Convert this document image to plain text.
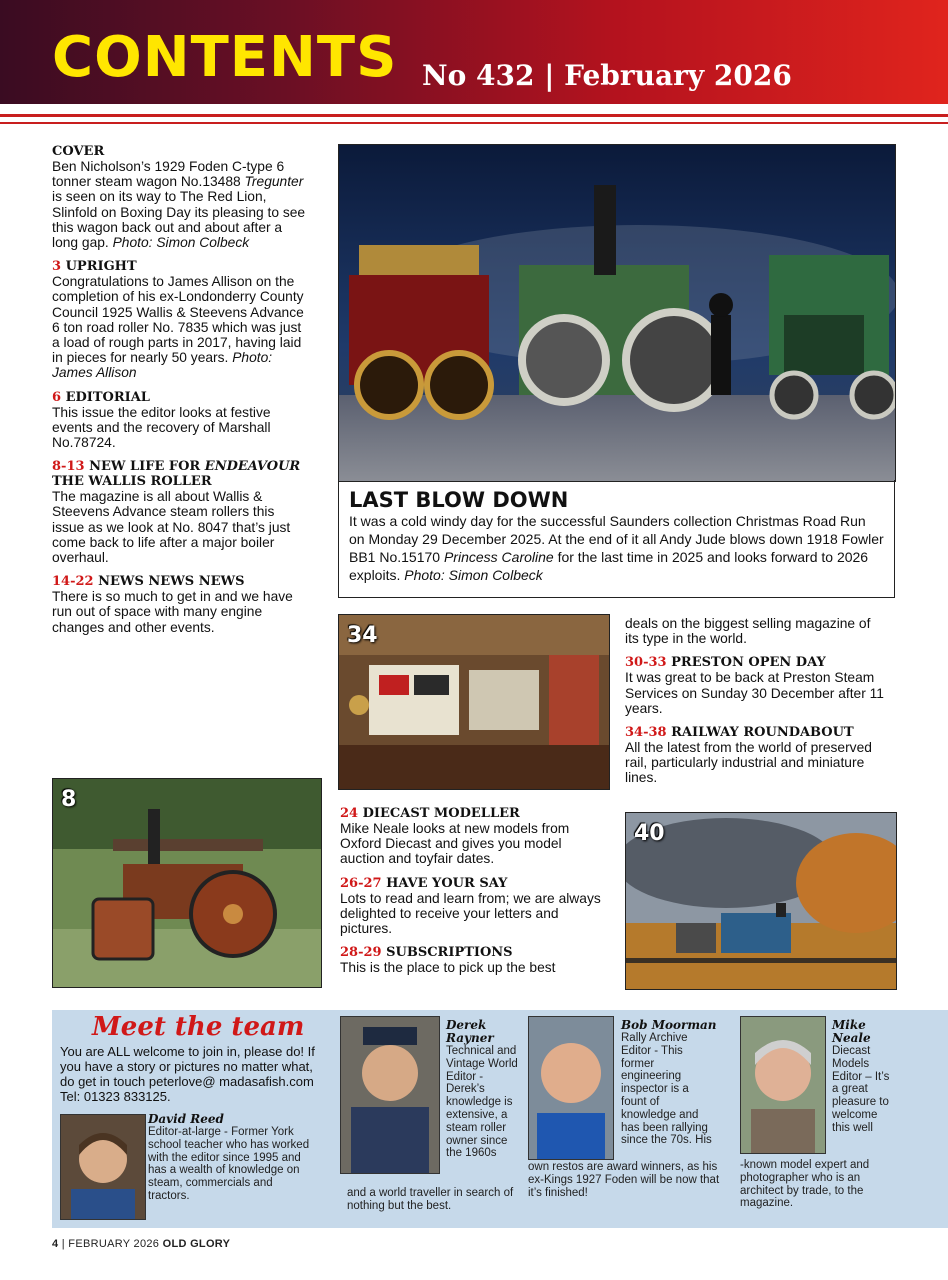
CONTENTS No 432 | February 2026
COVER
Ben Nicholson’s 1929 Foden C-type 6 tonner steam wagon No.13488 Tregunter is seen on its way to The Red Lion, Slinfold on Boxing Day its pleasing to see this wagon back out and about after a long gap. Photo: Simon Colbeck
3 UPRIGHT
Congratulations to James Allison on the completion of his ex-Londonderry County Council 1925 Wallis & Steevens Advance 6 ton road roller No. 7835 which was just a load of rough parts in 2017, having laid in pieces for nearly 50 years. Photo: James Allison
6 EDITORIAL
This issue the editor looks at festive events and the recovery of Marshall No.78724.
8-13 NEW LIFE FOR ENDEAVOUR THE WALLIS ROLLER
The magazine is all about Wallis & Steevens Advance steam rollers this issue as we look at No. 8047 that’s just come back to life after a major boiler overhaul.
14-22 NEWS NEWS NEWS
There is so much to get in and we have run out of space with many engine changes and other events.
LAST BLOW DOWN
It was a cold windy day for the successful Saunders collection Christmas Road Run on Monday 29 December 2025. At the end of it all Andy Jude blows down 1918 Fowler BB1 No.15170 Princess Caroline for the last time in 2025 and looks forward to 2026 exploits. Photo: Simon Colbeck
34
24 DIECAST MODELLER
Mike Neale looks at new models from Oxford Diecast and gives you model auction and toyfair dates.
26-27 HAVE YOUR SAY
Lots to read and learn from; we are always delighted to receive your letters and pictures.
28-29 SUBSCRIPTIONS
This is the place to pick up the best
deals on the biggest selling magazine of its type in the world.
30-33 PRESTON OPEN DAY
It was great to be back at Preston Steam Services on Sunday 30 December after 11 years.
34-38 RAILWAY ROUNDABOUT
All the latest from the world of preserved rail, particularly industrial and miniature lines.
8
40
Meet the team
You are ALL welcome to join in, please do! If you have a story or pictures no matter what, do get in touch peterlove@ madasafish.com Tel: 01323 833125.
David Reed
Editor-at-large - Former York school teacher who has worked with the editor since 1995 and has a wealth of knowledge on steam, commercials and tractors.
Derek Rayner
Technical and Vintage World Editor - Derek’s knowledge is extensive, a steam roller owner since the 1960s
and a world traveller in search of nothing but the best.
Bob Moorman
Rally Archive Editor - This former engineering inspector is a fount of knowledge and has been rallying since the 70s. His
own restos are award winners, as his ex-Kings 1927 Foden will be now that it’s finished!
Mike Neale
Diecast Models Editor – It’s a great pleasure to welcome this well
-known model expert and photographer who is an architect by trade, to the magazine.
4 | FEBRUARY 2026 OLD GLORY
